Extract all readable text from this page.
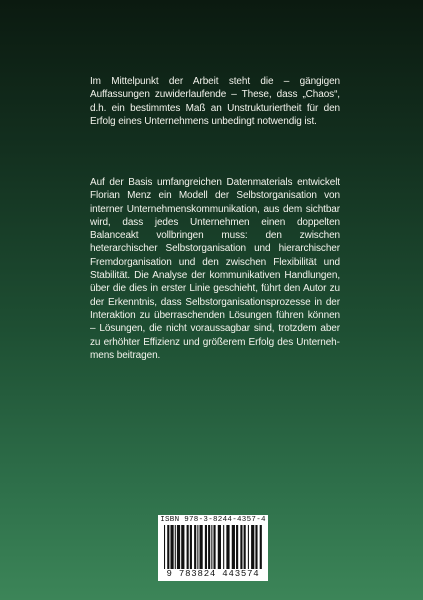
Im Mittelpunkt der Arbeit steht die – gängigen Auffassungen zuwiderlaufende – These, dass „Chaos“, d.h. ein bestimmtes Maß an Unstrukturiertheit für den Erfolg eines Unternehmens unbedingt notwendig ist.

Auf der Basis umfangreichen Datenmaterials entwickelt Florian Menz ein Modell der Selbstorganisation von interner Unternehmenskommunikation, aus dem sichtbar wird, dass jedes Unternehmen einen doppelten Balanceakt vollbringen muss: den zwischen heterarchischer Selbstorganisation und hierarchischer Fremdorganisation und den zwischen Flexibilität und Stabilität. Die Analyse der kommunikativen Handlungen, über die dies in erster Linie geschieht, führt den Autor zu der Erkenntnis, dass Selbstorganisationsprozesse in der Interaktion zu überraschenden Lösungen führen können – Lösungen, die nicht voraussagbar sind, trotzdem aber zu erhöhter Effizienz und größerem Erfolg des Unternehmens beitragen.

ISBN 978-3-8244-4357-4
9 783824 443574
